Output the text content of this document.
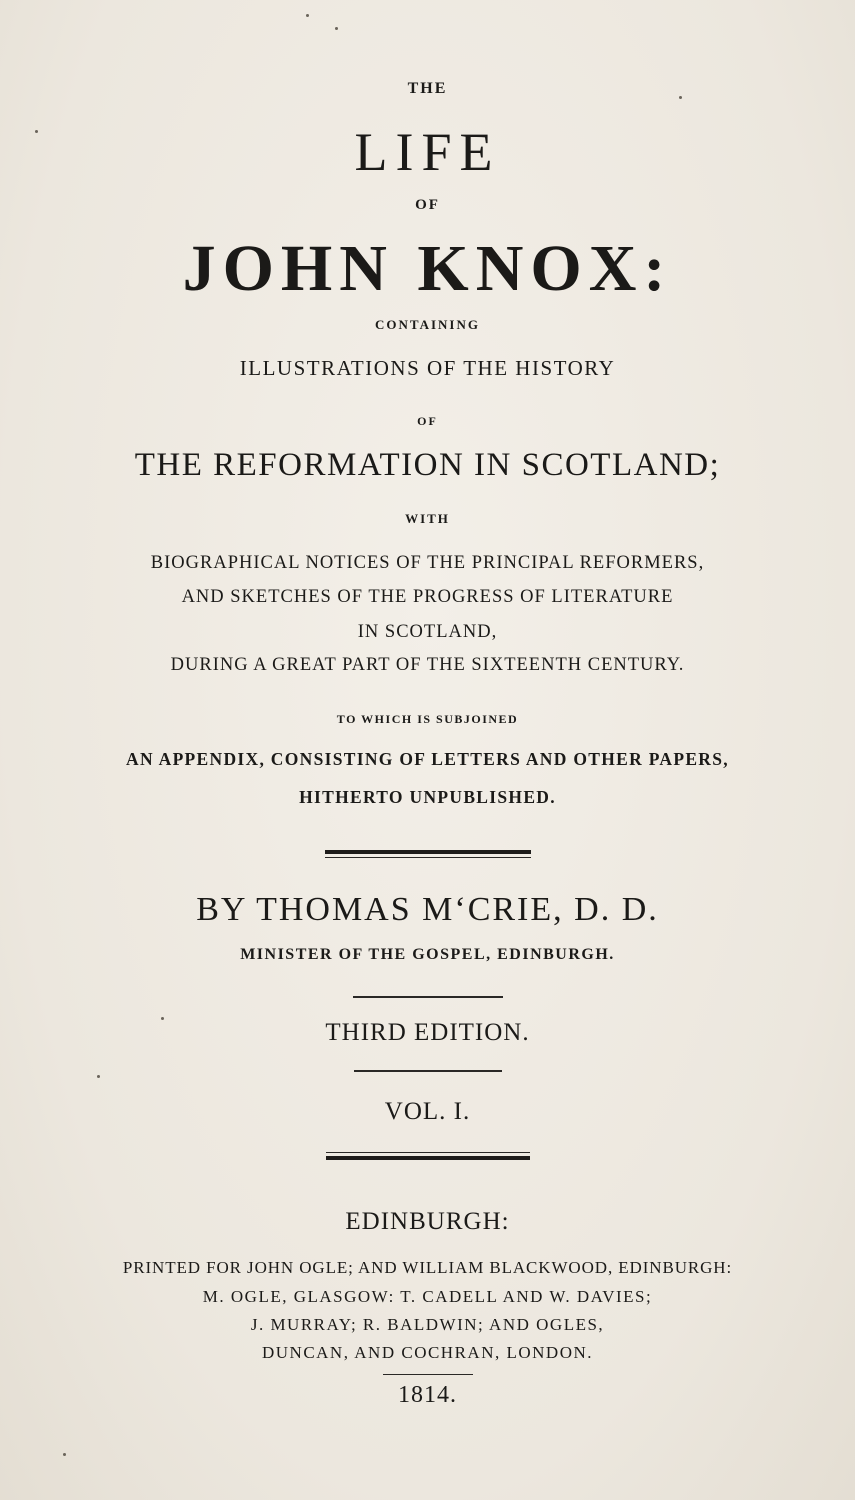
THE
LIFE
OF
JOHN KNOX:
CONTAINING
ILLUSTRATIONS OF THE HISTORY
OF
THE REFORMATION IN SCOTLAND;
WITH
BIOGRAPHICAL NOTICES OF THE PRINCIPAL REFORMERS,
AND SKETCHES OF THE PROGRESS OF LITERATURE
IN SCOTLAND,
DURING A GREAT PART OF THE SIXTEENTH CENTURY.
TO WHICH IS SUBJOINED
AN APPENDIX, CONSISTING OF LETTERS AND OTHER PAPERS,
HITHERTO UNPUBLISHED.
BY THOMAS M‘CRIE, D. D.
MINISTER OF THE GOSPEL, EDINBURGH.
THIRD EDITION.
VOL. I.
EDINBURGH:
PRINTED FOR JOHN OGLE; AND WILLIAM BLACKWOOD, EDINBURGH:
M. OGLE, GLASGOW: T. CADELL AND W. DAVIES;
J. MURRAY; R. BALDWIN; AND OGLES,
DUNCAN, AND COCHRAN, LONDON.
1814.
